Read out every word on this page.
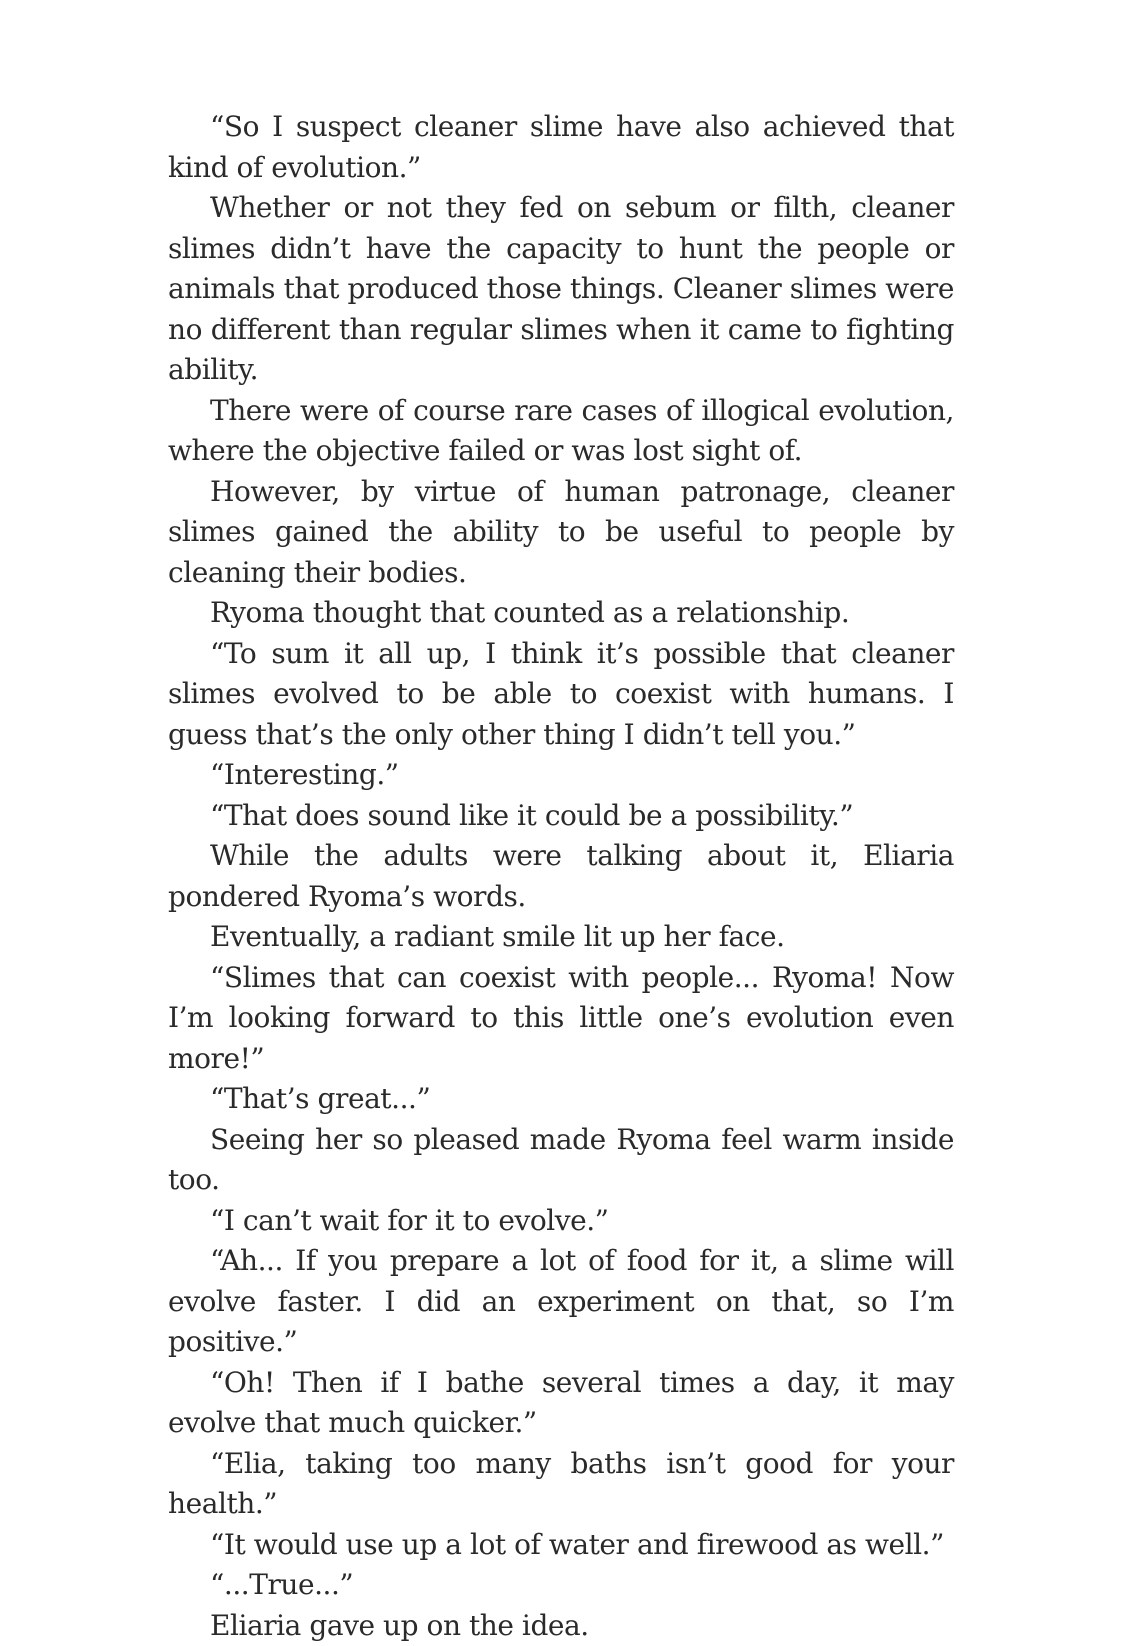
“So I suspect cleaner slime have also achieved that kind of evolution.”

Whether or not they fed on sebum or filth, cleaner slimes didn’t have the capacity to hunt the people or animals that produced those things. Cleaner slimes were no different than regular slimes when it came to fighting ability.

There were of course rare cases of illogical evolution, where the objective failed or was lost sight of.

However, by virtue of human patronage, cleaner slimes gained the ability to be useful to people by cleaning their bodies.

Ryoma thought that counted as a relationship.

“To sum it all up, I think it’s possible that cleaner slimes evolved to be able to coexist with humans. I guess that’s the only other thing I didn’t tell you.”

“Interesting.”

“That does sound like it could be a possibility.”

While the adults were talking about it, Eliaria pondered Ryoma’s words.

Eventually, a radiant smile lit up her face.

“Slimes that can coexist with people... Ryoma! Now I’m looking forward to this little one’s evolution even more!”

“That’s great...”

Seeing her so pleased made Ryoma feel warm inside too.

“I can’t wait for it to evolve.”

“Ah... If you prepare a lot of food for it, a slime will evolve faster. I did an experiment on that, so I’m positive.”

“Oh! Then if I bathe several times a day, it may evolve that much quicker.”

“Elia, taking too many baths isn’t good for your health.”

“It would use up a lot of water and firewood as well.”

“...True...”

Eliaria gave up on the idea.
